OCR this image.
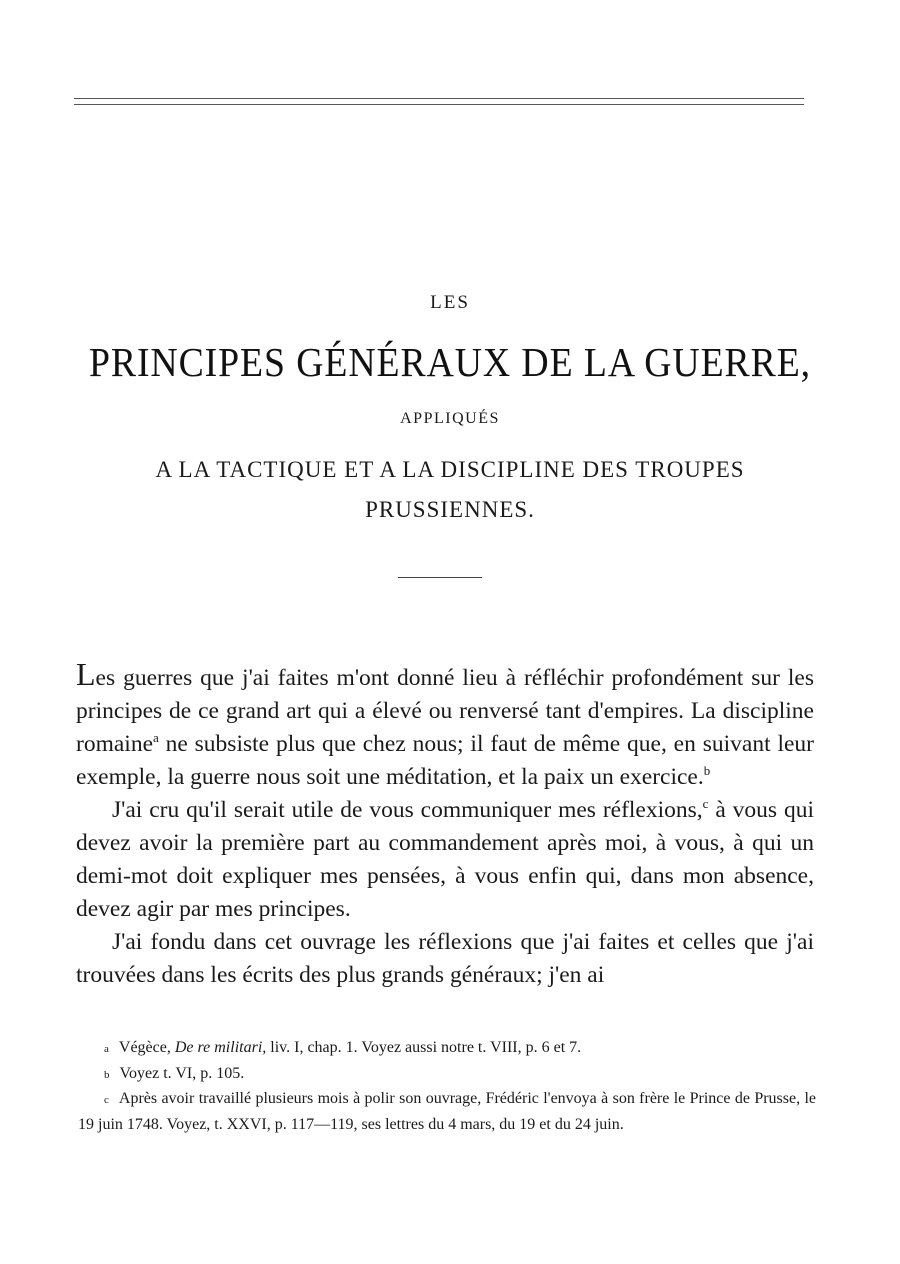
LES
PRINCIPES GÉNÉRAUX DE LA GUERRE,
APPLIQUÉS
A LA TACTIQUE ET A LA DISCIPLINE DES TROUPES
PRUSSIENNES.

Les guerres que j'ai faites m'ont donné lieu à réfléchir profondément sur les principes de ce grand art qui a élevé ou renversé tant d'empires. La discipline romaine$^a$ ne subsiste plus que chez nous; il faut de même que, en suivant leur exemple, la guerre nous soit une méditation, et la paix un exercice.$^b$

J'ai cru qu'il serait utile de vous communiquer mes réflexions,$^c$ à vous qui devez avoir la première part au commandement après moi, à vous, à qui un demi-mot doit expliquer mes pensées, à vous enfin qui, dans mon absence, devez agir par mes principes.

J'ai fondu dans cet ouvrage les réflexions que j'ai faites et celles que j'ai trouvées dans les écrits des plus grands généraux; j'en ai

a Végèce, De re militari, liv. I, chap. 1. Voyez aussi notre t. VIII, p. 6 et 7.

b Voyez t. VI, p. 105.

c Après avoir travaillé plusieurs mois à polir son ouvrage, Frédéric l'envoya à son frère le Prince de Prusse, le 19 juin 1748. Voyez, t. XXVI, p. 117—119, ses lettres du 4 mars, du 19 et du 24 juin.
